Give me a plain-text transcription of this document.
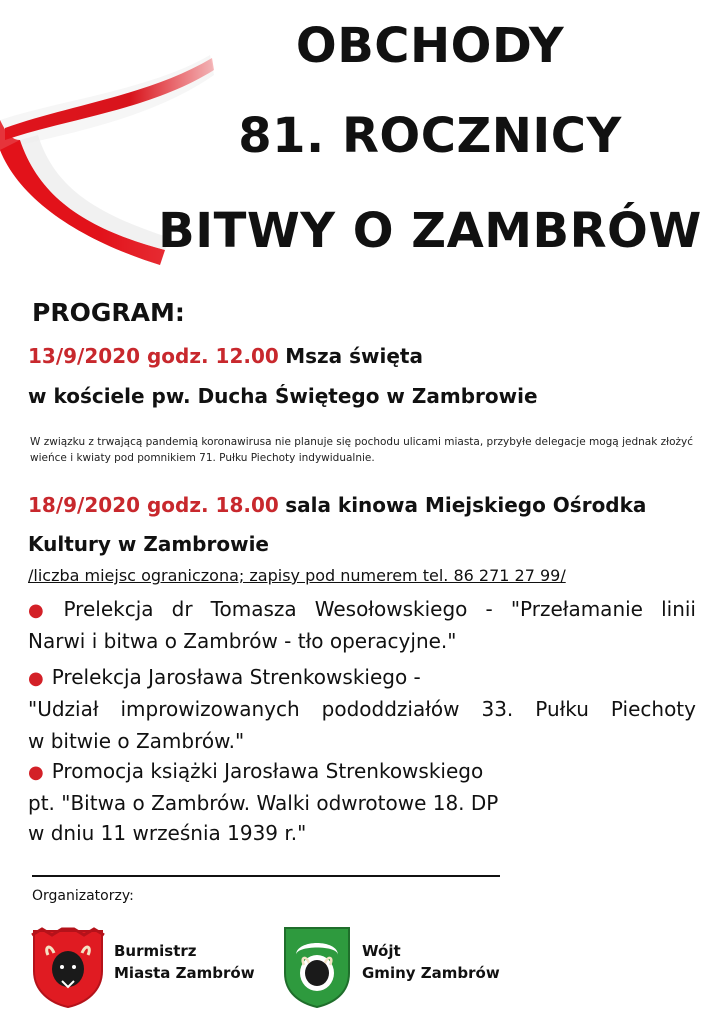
OBCHODY
81. ROCZNICY
BITWY O ZAMBRÓW
PROGRAM:
13/9/2020 godz. 12.00 Msza święta
w kościele pw. Ducha Świętego w Zambrowie
W związku z trwającą pandemią koronawirusa nie planuje się pochodu ulicami miasta, przybyłe delegacje mogą jednak złożyć wieńce i kwiaty pod pomnikiem 71. Pułku Piechoty indywidualnie.
18/9/2020 godz. 18.00 sala kinowa Miejskiego Ośrodka
Kultury w Zambrowie
/liczba miejsc ograniczona; zapisy pod numerem tel. 86 271 27 99/
● Prelekcja dr Tomasza Wesołowskiego - "Przełamanie linii
Narwi i bitwa o Zambrów - tło operacyjne."
● Prelekcja Jarosława Strenkowskiego -
"Udział improwizowanych pododdziałów 33. Pułku Piechoty
w bitwie o Zambrów."
● Promocja książki Jarosława Strenkowskiego
pt. "Bitwa o Zambrów. Walki odwrotowe 18. DP
w dniu 11 września 1939 r."
Organizatorzy:
Burmistrz
Miasta Zambrów
Wójt
Gminy Zambrów
